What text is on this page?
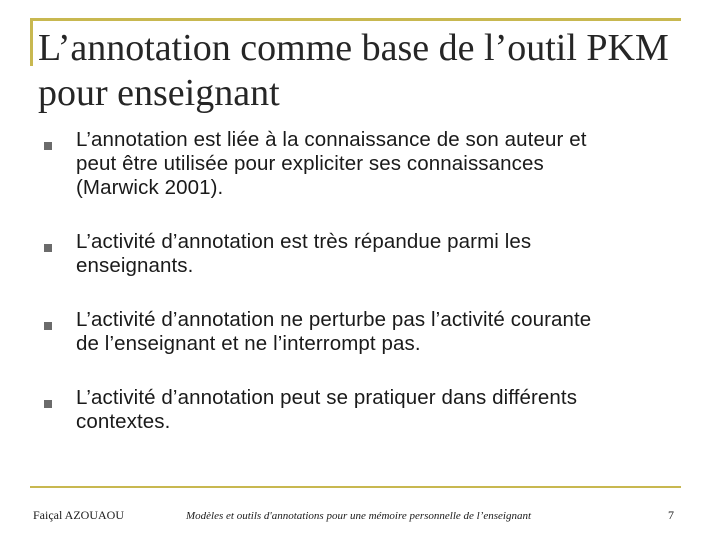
L’annotation comme base de l’outil PKM
pour enseignant
L’annotation est liée à la connaissance de son auteur et
peut être utilisée pour expliciter ses connaissances
(Marwick 2001).
L’activité d’annotation est très répandue parmi les
enseignants.
L’activité d’annotation ne perturbe pas l’activité courante
de l’enseignant et ne l’interrompt pas.
L’activité d’annotation peut se pratiquer dans différents
contextes.
Faiçal AZOUAOU	Modèles et outils d'annotations pour une mémoire personnelle de l’enseignant	7
